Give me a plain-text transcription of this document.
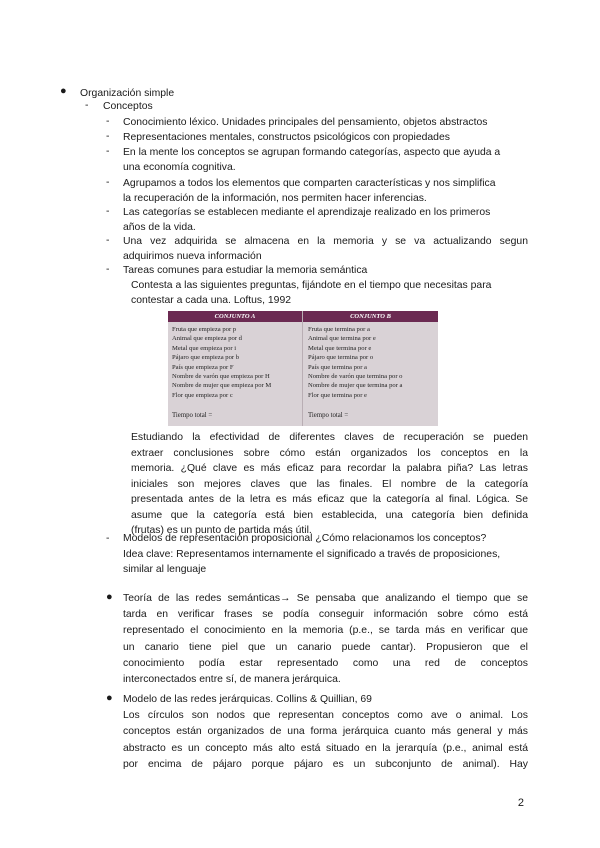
● Organización simple
- Conceptos
- Conocimiento léxico. Unidades principales del pensamiento, objetos abstractos
- Representaciones mentales, constructos psicológicos con propiedades
- En la mente los conceptos se agrupan formando categorías, aspecto que ayuda a
una economía cognitiva.
- Agrupamos a todos los elementos que comparten características y nos simplifica
la recuperación de la información, nos permiten hacer inferencias.
- Las categorías se establecen mediante el aprendizaje realizado en los primeros
años de la vida.
- Una vez adquirida se almacena en la memoria y se va actualizando segun
adquirimos nueva información
- Tareas comunes para estudiar la memoria semántica
Contesta a las siguientes preguntas, fijándote en el tiempo que necesitas para
contestar a cada una. Loftus, 1992
CONJUNTO A	CONJUNTO B
Fruta que empieza por p
Animal que empieza por d
Metal que empieza por i
Pájaro que empieza por b
País que empieza por F
Nombre de varón que empieza por H
Nombre de mujer que empieza por M
Flor que empieza por c
Fruta que termina por a
Animal que termina por e
Metal que termina por e
Pájaro que termina por o
País que termina por a
Nombre de varón que termina por o
Nombre de mujer que termina por a
Flor que termina por e
Tiempo total =	Tiempo total =
Estudiando la efectividad de diferentes claves de recuperación se pueden
extraer conclusiones sobre cómo están organizados los conceptos en la
memoria. ¿Qué clave es más eficaz para recordar la palabra piña? Las letras
iniciales son mejores claves que las finales. El nombre de la categoría
presentada antes de la letra es más eficaz que la categoría al final. Lógica. Se
asume que la categoría está bien establecida, una categoría bien definida
(frutas) es un punto de partida más útil.
- Modelos de representación proposicional ¿Cómo relacionamos los conceptos?
Idea clave: Representamos internamente el significado a través de proposiciones,
similar al lenguaje
● Teoría de las redes semánticas→ Se pensaba que analizando el tiempo que se
tarda en verificar frases se podía conseguir información sobre cómo está
representado el conocimiento en la memoria (p.e., se tarda más en verificar que
un canario tiene piel que un canario puede cantar). Propusieron que el
conocimiento podía estar representado como una red de conceptos
interconectados entre sí, de manera jerárquica.
● Modelo de las redes jerárquicas. Collins & Quillian, 69
Los círculos son nodos que representan conceptos como ave o animal. Los
conceptos están organizados de una forma jerárquica cuanto más general y más
abstracto es un concepto más alto está situado en la jerarquía (p.e., animal está
por encima de pájaro porque pájaro es un subconjunto de animal). Hay
2
